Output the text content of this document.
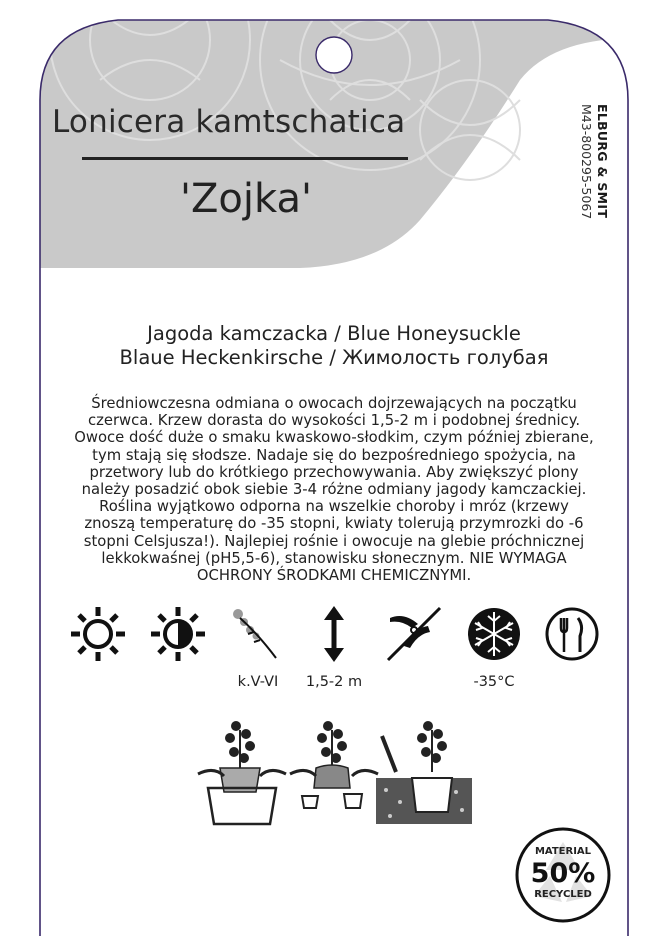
Lonicera kamtschatica
'Zojka'	ELBURG & SMIT
M43-800295-5067
Jagoda kamczacka / Blue Honeysuckle
Blaue Heckenkirsche / Жимолость голубая
Średniowczesna odmiana o owocach dojrzewających na początku
czerwca. Krzew dorasta do wysokości 1,5-2 m i podobnej średnicy.
Owoce dość duże o smaku kwaskowo-słodkim, czym później zbierane,
tym stają się słodsze. Nadaje się do bezpośredniego spożycia, na
przetwory lub do krótkiego przechowywania. Aby zwiększyć plony
należy posadzić obok siebie 3-4 różne odmiany jagody kamczackiej.
Roślina wyjątkowo odporna na wszelkie choroby i mróz (krzewy
znoszą temperaturę do -35 stopni, kwiaty tolerują przymrozki do -6
stopni Celsjusza!). Najlepiej rośnie i owocuje na glebie próchnicznej
lekkokwaśnej (pH5,5-6), stanowisku słonecznym. NIE WYMAGA
OCHRONY ŚRODKAMI CHEMICZNYMI.
k.V-VI	1,5-2 m	-35°C
MATERIAL
50%
RECYCLED
